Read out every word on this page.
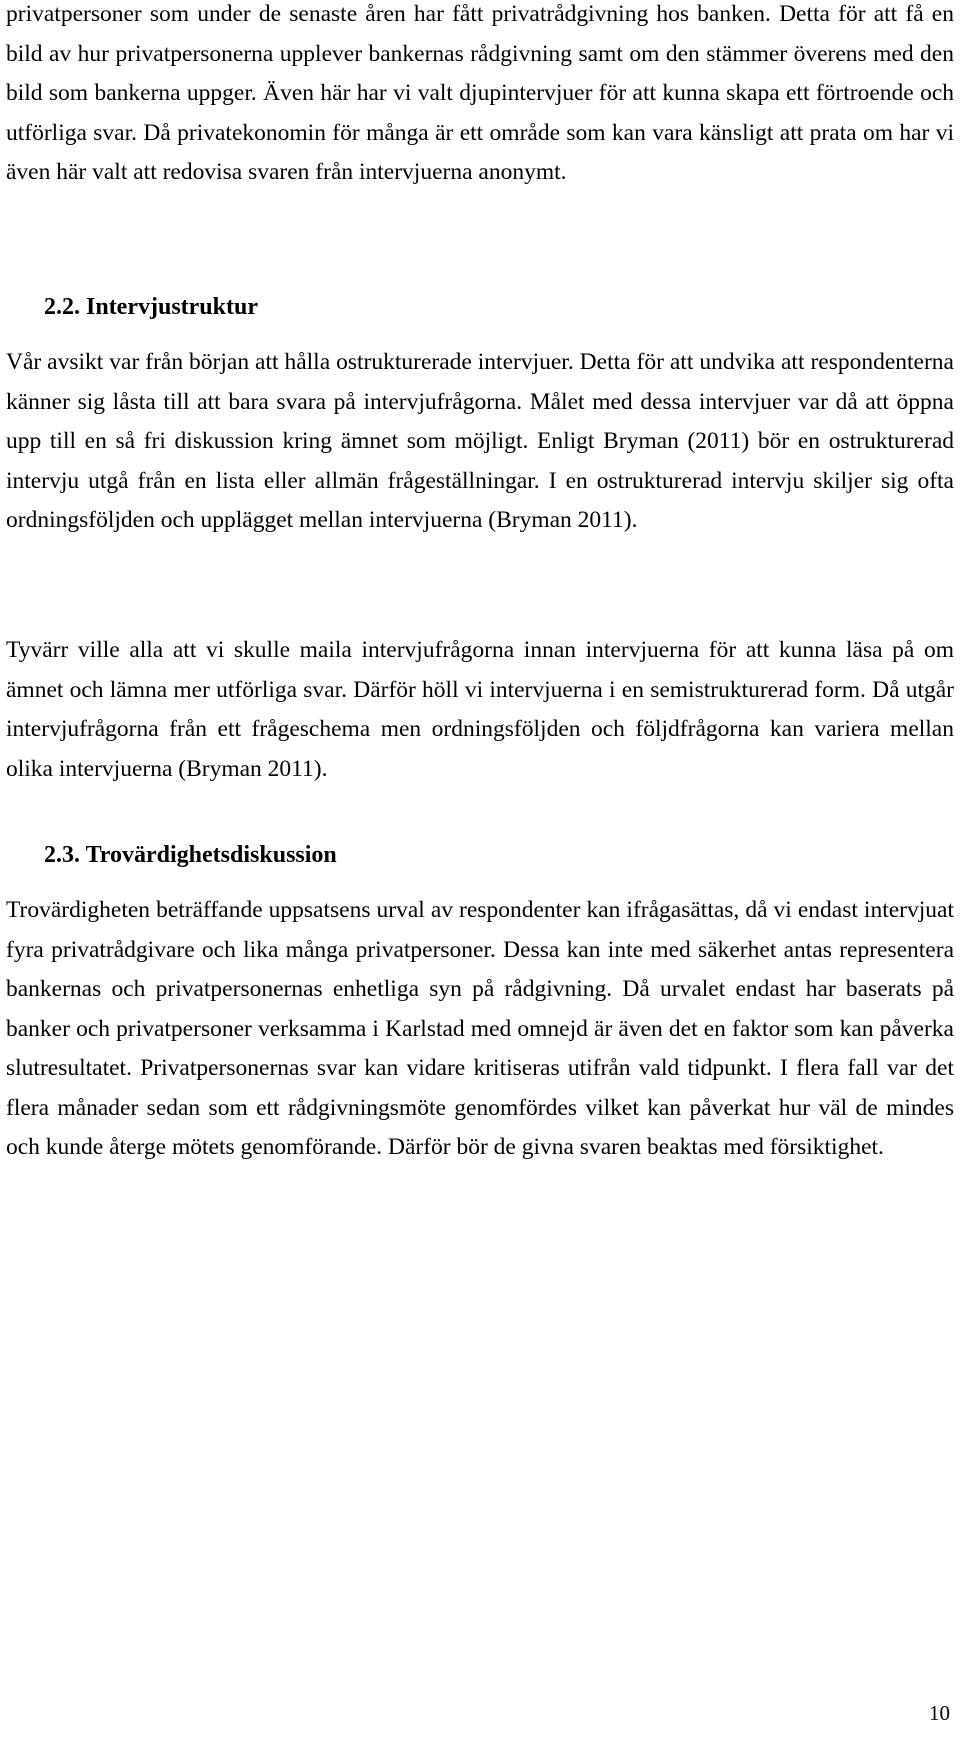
privatpersoner som under de senaste åren har fått privatrådgivning hos banken. Detta för att få en bild av hur privatpersonerna upplever bankernas rådgivning samt om den stämmer överens med den bild som bankerna uppger. Även här har vi valt djupintervjuer för att kunna skapa ett förtroende och utförliga svar. Då privatekonomin för många är ett område som kan vara känsligt att prata om har vi även här valt att redovisa svaren från intervjuerna anonymt.

2.2. Intervjustruktur

Vår avsikt var från början att hålla ostrukturerade intervjuer. Detta för att undvika att respondenterna känner sig låsta till att bara svara på intervjufrågorna. Målet med dessa intervjuer var då att öppna upp till en så fri diskussion kring ämnet som möjligt. Enligt Bryman (2011) bör en ostrukturerad intervju utgå från en lista eller allmän frågeställningar. I en ostrukturerad intervju skiljer sig ofta ordningsföljden och upplägget mellan intervjuerna (Bryman 2011).

Tyvärr ville alla att vi skulle maila intervjufrågorna innan intervjuerna för att kunna läsa på om ämnet och lämna mer utförliga svar. Därför höll vi intervjuerna i en semistrukturerad form. Då utgår intervjufrågorna från ett frågeschema men ordningsföljden och följdfrågorna kan variera mellan olika intervjuerna (Bryman 2011).

2.3. Trovärdighetsdiskussion

Trovärdigheten beträffande uppsatsens urval av respondenter kan ifrågasättas, då vi endast intervjuat fyra privatrådgivare och lika många privatpersoner. Dessa kan inte med säkerhet antas representera bankernas och privatpersonernas enhetliga syn på rådgivning. Då urvalet endast har baserats på banker och privatpersoner verksamma i Karlstad med omnejd är även det en faktor som kan påverka slutresultatet. Privatpersonernas svar kan vidare kritiseras utifrån vald tidpunkt. I flera fall var det flera månader sedan som ett rådgivningsmöte genomfördes vilket kan påverkat hur väl de mindes och kunde återge mötets genomförande. Därför bör de givna svaren beaktas med försiktighet.

10
